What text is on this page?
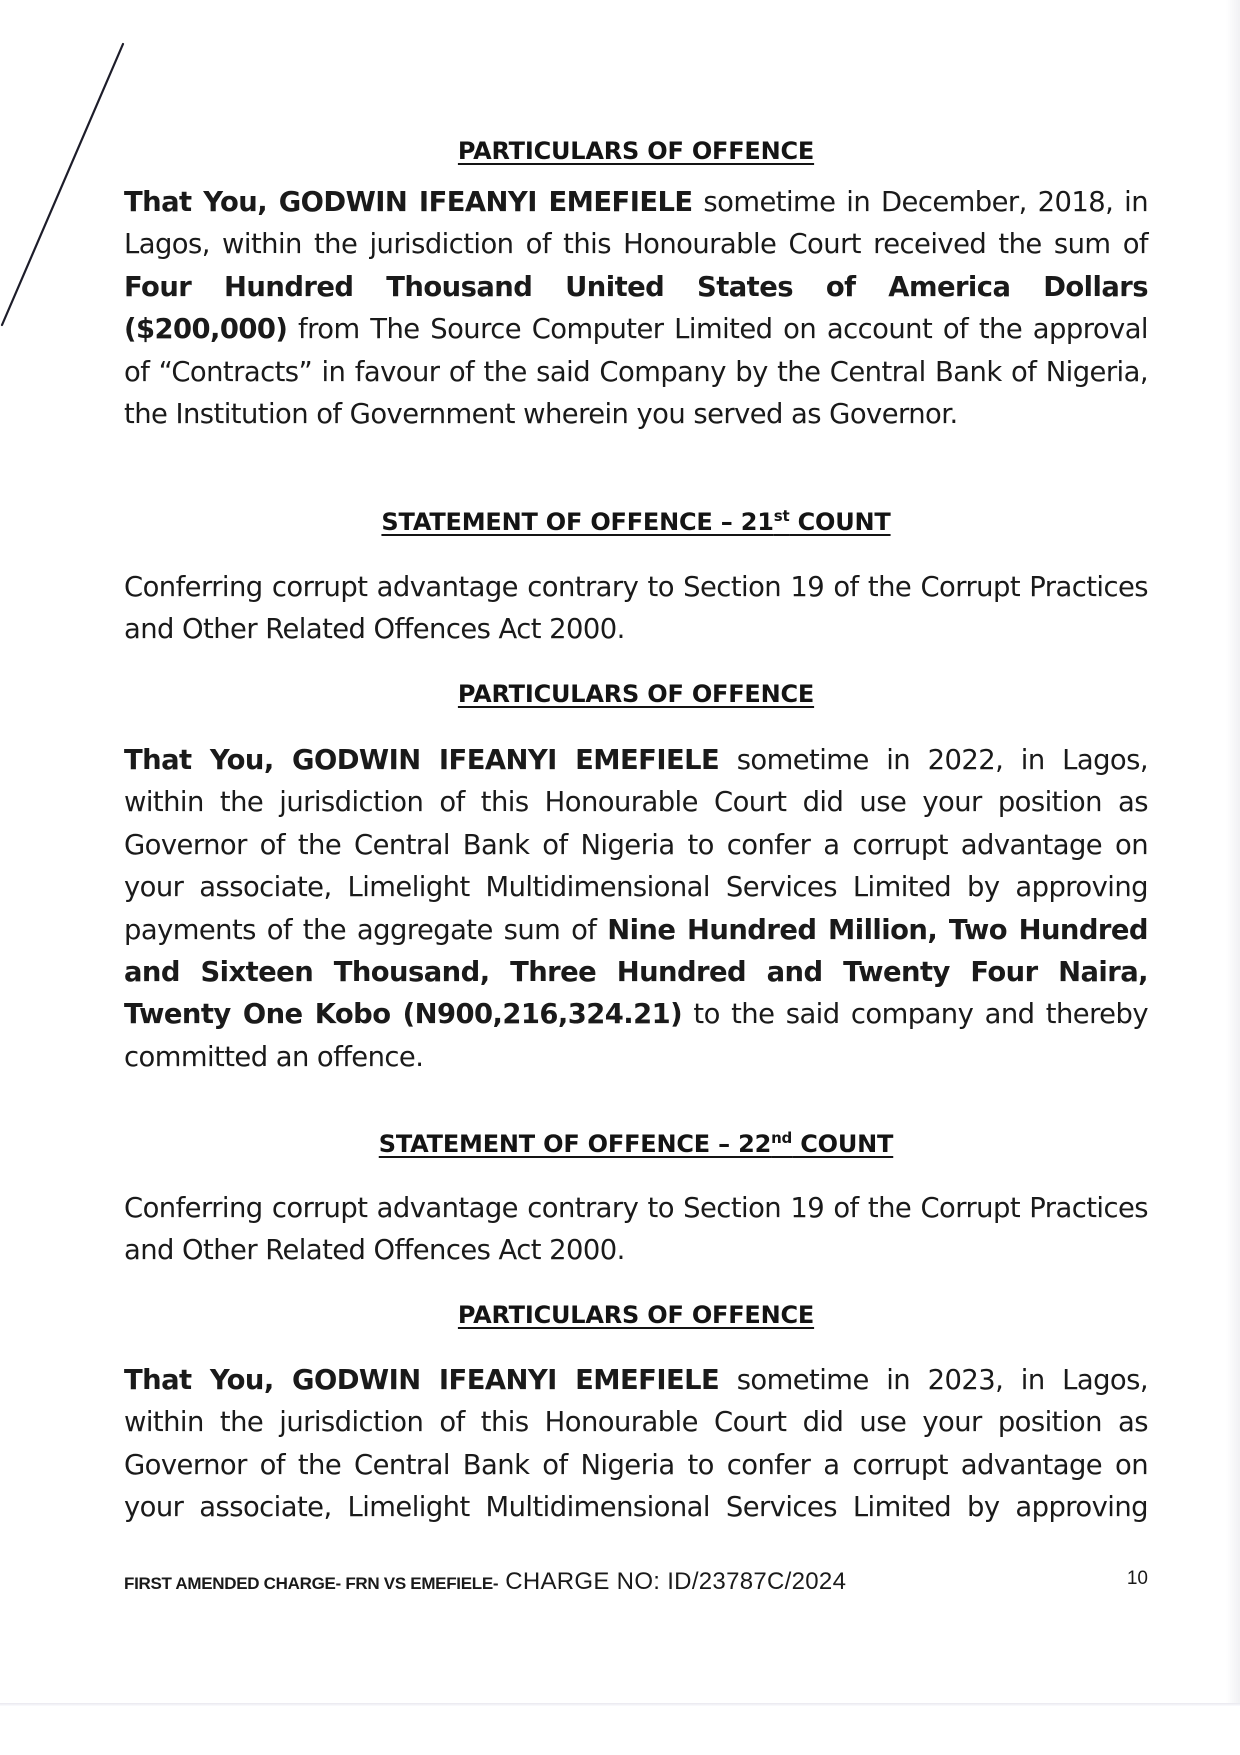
PARTICULARS OF OFFENCE
That You, GODWIN IFEANYI EMEFIELE sometime in December, 2018, in Lagos, within the jurisdiction of this Honourable Court received the sum of Four Hundred Thousand United States of America Dollars ($200,000) from The Source Computer Limited on account of the approval of “Contracts” in favour of the said Company by the Central Bank of Nigeria, the Institution of Government wherein you served as Governor.
STATEMENT OF OFFENCE – 21st COUNT
Conferring corrupt advantage contrary to Section 19 of the Corrupt Practices and Other Related Offences Act 2000.
PARTICULARS OF OFFENCE
That You, GODWIN IFEANYI EMEFIELE sometime in 2022, in Lagos, within the jurisdiction of this Honourable Court did use your position as Governor of the Central Bank of Nigeria to confer a corrupt advantage on your associate, Limelight Multidimensional Services Limited by approving payments of the aggregate sum of Nine Hundred Million, Two Hundred and Sixteen Thousand, Three Hundred and Twenty Four Naira, Twenty One Kobo (N900,216,324.21) to the said company and thereby committed an offence.
STATEMENT OF OFFENCE – 22nd COUNT
Conferring corrupt advantage contrary to Section 19 of the Corrupt Practices and Other Related Offences Act 2000.
PARTICULARS OF OFFENCE
That You, GODWIN IFEANYI EMEFIELE sometime in 2023, in Lagos, within the jurisdiction of this Honourable Court did use your position as Governor of the Central Bank of Nigeria to confer a corrupt advantage on your associate, Limelight Multidimensional Services Limited by approving
FIRST AMENDED CHARGE- FRN VS EMEFIELE- CHARGE NO: ID/23787C/2024	10
